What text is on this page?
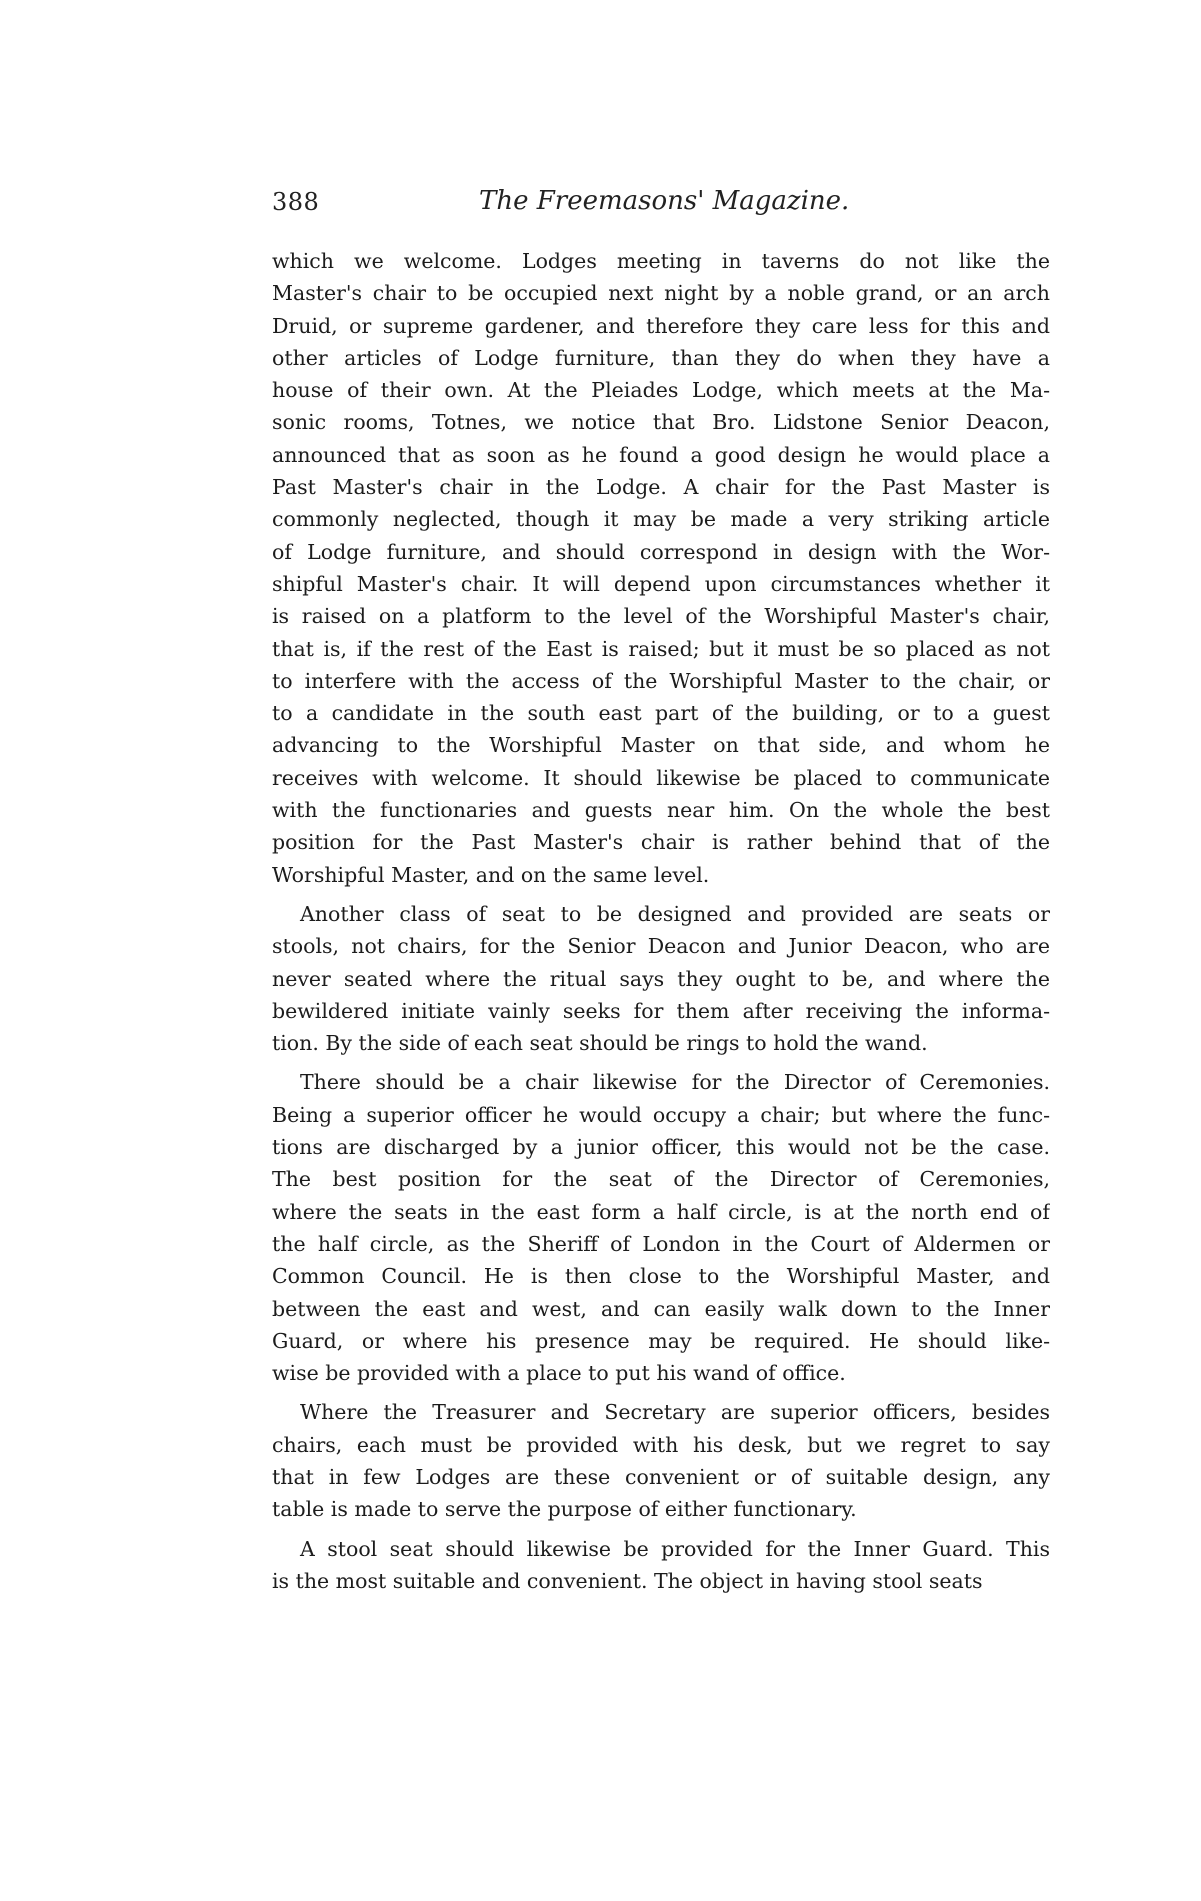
388	The Freemasons' Magazine.
which we welcome. Lodges meeting in taverns do not like the
Master's chair to be occupied next night by a noble grand, or an arch
Druid, or supreme gardener, and therefore they care less for this and
other articles of Lodge furniture, than they do when they have a
house of their own. At the Pleiades Lodge, which meets at the Ma-
sonic rooms, Totnes, we notice that Bro. Lidstone Senior Deacon,
announced that as soon as he found a good design he would place a
Past Master's chair in the Lodge. A chair for the Past Master is
commonly neglected, though it may be made a very striking article
of Lodge furniture, and should correspond in design with the Wor-
shipful Master's chair. It will depend upon circumstances whether it
is raised on a platform to the level of the Worshipful Master's chair,
that is, if the rest of the East is raised; but it must be so placed as not
to interfere with the access of the Worshipful Master to the chair, or
to a candidate in the south east part of the building, or to a guest
advancing to the Worshipful Master on that side, and whom he
receives with welcome. It should likewise be placed to communicate
with the functionaries and guests near him. On the whole the best
position for the Past Master's chair is rather behind that of the
Worshipful Master, and on the same level.
Another class of seat to be designed and provided are seats or
stools, not chairs, for the Senior Deacon and Junior Deacon, who are
never seated where the ritual says they ought to be, and where the
bewildered initiate vainly seeks for them after receiving the informa-
tion. By the side of each seat should be rings to hold the wand.
There should be a chair likewise for the Director of Ceremonies.
Being a superior officer he would occupy a chair; but where the func-
tions are discharged by a junior officer, this would not be the case.
The best position for the seat of the Director of Ceremonies,
where the seats in the east form a half circle, is at the north end of
the half circle, as the Sheriff of London in the Court of Aldermen or
Common Council. He is then close to the Worshipful Master, and
between the east and west, and can easily walk down to the Inner
Guard, or where his presence may be required. He should like-
wise be provided with a place to put his wand of office.
Where the Treasurer and Secretary are superior officers, besides
chairs, each must be provided with his desk, but we regret to say
that in few Lodges are these convenient or of suitable design, any
table is made to serve the purpose of either functionary.
A stool seat should likewise be provided for the Inner Guard. This
is the most suitable and convenient. The object in having stool seats
